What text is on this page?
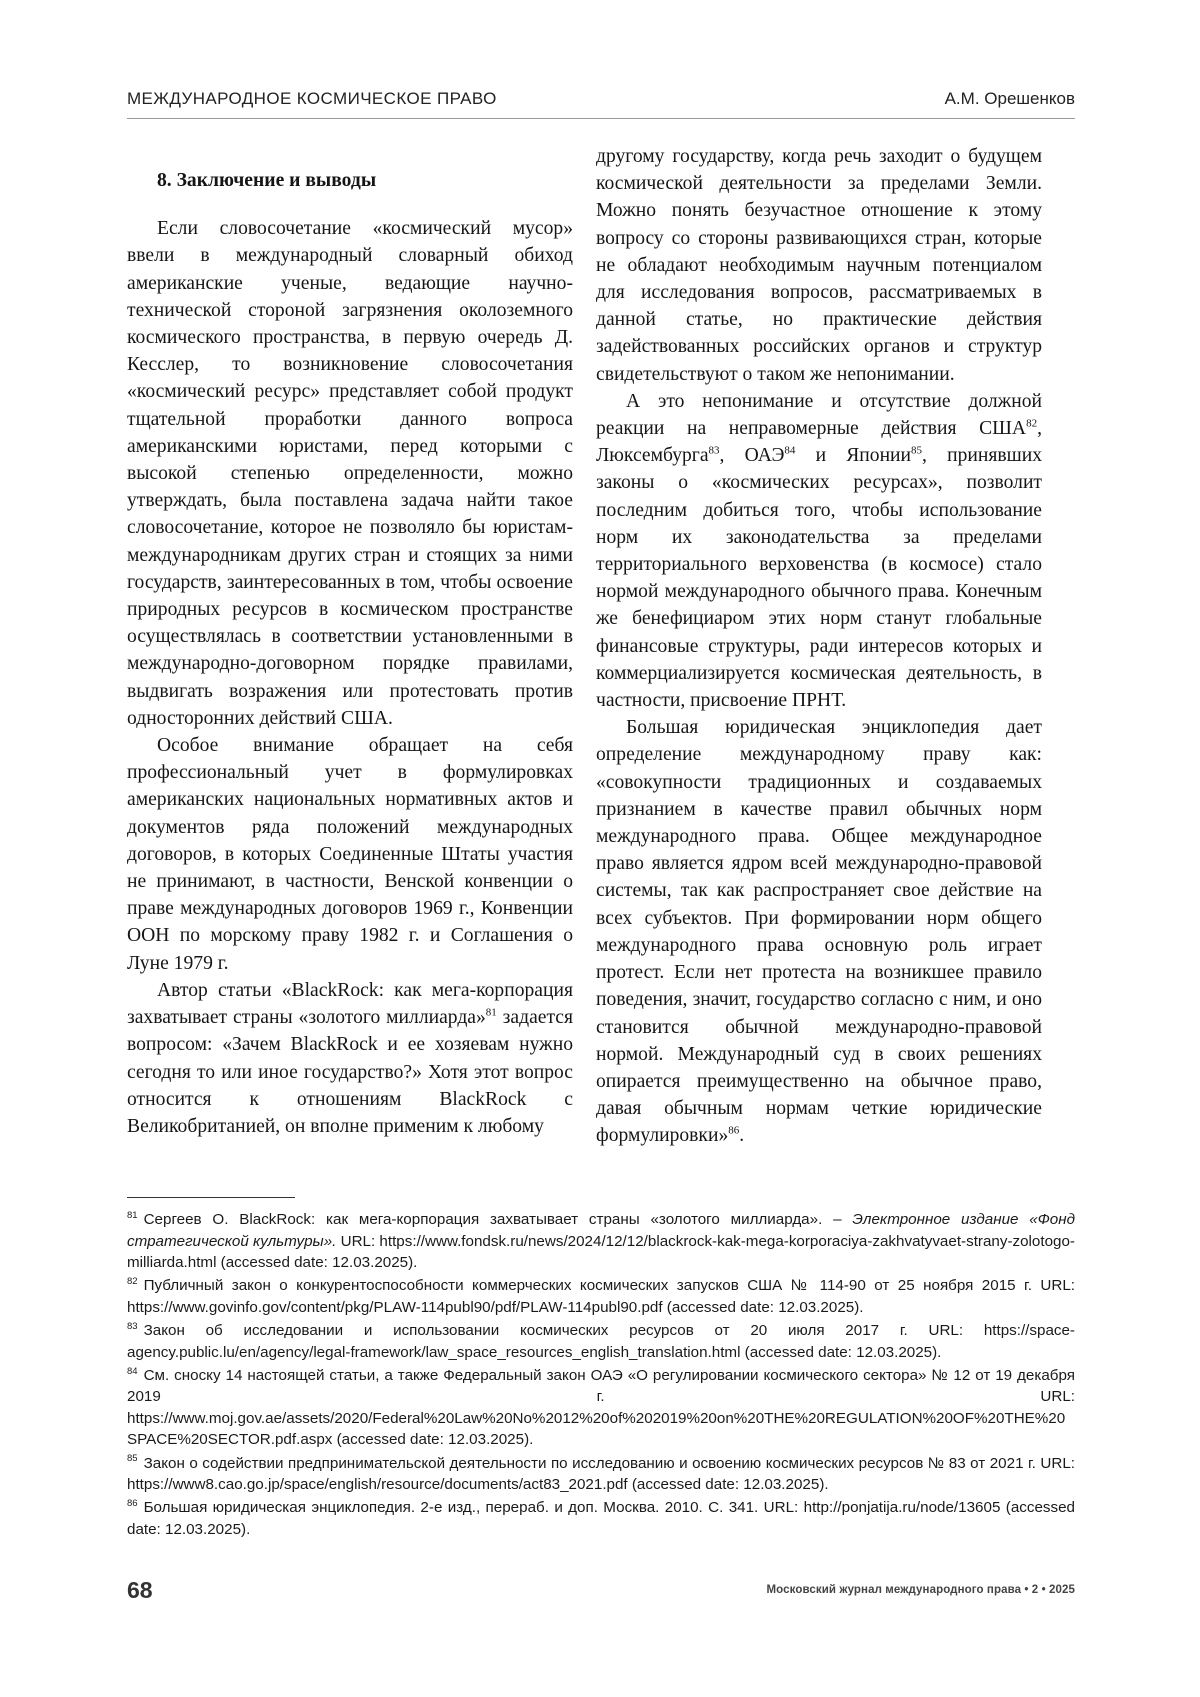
МЕЖДУНАРОДНОЕ КОСМИЧЕСКОЕ ПРАВО	А.М. Орешенков
8. Заключение и выводы

Если словосочетание «космический мусор» ввели в международный словарный обиход американские ученые, ведающие научно-технической стороной загрязнения околоземного космического пространства, в первую очередь Д. Кесслер, то возникновение словосочетания «космический ресурс» представляет собой продукт тщательной проработки данного вопроса американскими юристами, перед которыми с высокой степенью определенности, можно утверждать, была поставлена задача найти такое словосочетание, которое не позволяло бы юристам-международникам других стран и стоящих за ними государств, заинтересованных в том, чтобы освоение природных ресурсов в космическом пространстве осуществлялась в соответствии установленными в международно-договорном порядке правилами, выдвигать возражения или протестовать против односторонних действий США.

Особое внимание обращает на себя профессиональный учет в формулировках американских национальных нормативных актов и документов ряда положений международных договоров, в которых Соединенные Штаты участия не принимают, в частности, Венской конвенции о праве международных договоров 1969 г., Конвенции ООН по морскому праву 1982 г. и Соглашения о Луне 1979 г.

Автор статьи «BlackRock: как мега-корпорация захватывает страны «золотого миллиарда»$^{81}$ задается вопросом: «Зачем BlackRock и ее хозяевам нужно сегодня то или иное государство?» Хотя этот вопрос относится к отношениям BlackRock с Великобританией, он вполне применим к любому

другому государству, когда речь заходит о будущем космической деятельности за пределами Земли. Можно понять безучастное отношение к этому вопросу со стороны развивающихся стран, которые не обладают необходимым научным потенциалом для исследования вопросов, рассматриваемых в данной статье, но практические действия задействованных российских органов и структур свидетельствуют о таком же непонимании.

А это непонимание и отсутствие должной реакции на неправомерные действия США$^{82}$, Люксембурга$^{83}$, ОАЭ$^{84}$ и Японии$^{85}$, принявших законы о «космических ресурсах», позволит последним добиться того, чтобы использование норм их законодательства за пределами территориального верховенства (в космосе) стало нормой международного обычного права. Конечным же бенефициаром этих норм станут глобальные финансовые структуры, ради интересов которых и коммерциализируется космическая деятельность, в частности, присвоение ПРНТ.

Большая юридическая энциклопедия дает определение международному праву как: «совокупности традиционных и создаваемых признанием в качестве правил обычных норм международного права. Общее международное право является ядром всей международно-правовой системы, так как распространяет свое действие на всех субъектов. При формировании норм общего международного права основную роль играет протест. Если нет протеста на возникшее правило поведения, значит, государство согласно с ним, и оно становится обычной международно-правовой нормой. Международный суд в своих решениях опирается преимущественно на обычное право, давая обычным нормам четкие юридические формулировки»$^{86}$.

$^{81}$ Сергеев О. BlackRock: как мега-корпорация захватывает страны «золотого миллиарда». – Электронное издание «Фонд стратегической культуры». URL: https://www.fondsk.ru/news/2024/12/12/blackrock-kak-mega-korporaciya-zakhvatyvaet-strany-zolotogo-milliarda.html (accessed date: 12.03.2025).
$^{82}$ Публичный закон о конкурентоспособности коммерческих космических запусков США № 114-90 от 25 ноября 2015 г. URL: https://www.govinfo.gov/content/pkg/PLAW-114publ90/pdf/PLAW-114publ90.pdf (accessed date: 12.03.2025).
$^{83}$ Закон об исследовании и использовании космических ресурсов от 20 июля 2017 г. URL: https://space-agency.public.lu/en/agency/legal-framework/law_space_resources_english_translation.html (accessed date: 12.03.2025).
$^{84}$ См. сноску 14 настоящей статьи, а также Федеральный закон ОАЭ «О регулировании космического сектора» № 12 от 19 декабря 2019 г. URL: https://www.moj.gov.ae/assets/2020/Federal%20Law%20No%2012%20of%202019%20on%20THE%20REGULATION%20OF%20THE%20SPACE%20SECTOR.pdf.aspx (accessed date: 12.03.2025).
$^{85}$ Закон о содействии предпринимательской деятельности по исследованию и освоению космических ресурсов № 83 от 2021 г. URL: https://www8.cao.go.jp/space/english/resource/documents/act83_2021.pdf (accessed date: 12.03.2025).
$^{86}$ Большая юридическая энциклопедия. 2-е изд., перераб. и доп. Москва. 2010. С. 341. URL: http://ponjatija.ru/node/13605 (accessed date: 12.03.2025).
68	Московский журнал международного права • 2 • 2025
